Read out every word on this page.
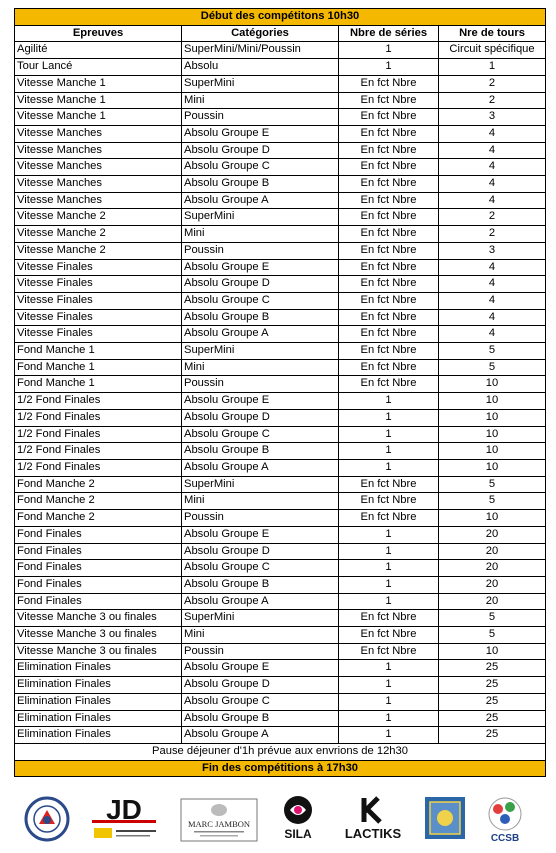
Début des compétitons 10h30			
Epreuves	Catégories	Nbre de séries	Nre de tours
Agilité	SuperMini/Mini/Poussin	1	Circuit spécifique
Tour Lancé	Absolu	1	1
Vitesse Manche 1	SuperMini	En fct Nbre	2
Vitesse Manche 1	Mini	En fct Nbre	2
Vitesse Manche 1	Poussin	En fct Nbre	3
Vitesse Manches	Absolu Groupe E	En fct Nbre	4
Vitesse Manches	Absolu Groupe D	En fct Nbre	4
Vitesse Manches	Absolu Groupe C	En fct Nbre	4
Vitesse Manches	Absolu Groupe B	En fct Nbre	4
Vitesse Manches	Absolu Groupe A	En fct Nbre	4
Vitesse Manche 2	SuperMini	En fct Nbre	2
Vitesse Manche 2	Mini	En fct Nbre	2
Vitesse Manche 2	Poussin	En fct Nbre	3
Vitesse Finales	Absolu Groupe E	En fct Nbre	4
Vitesse Finales	Absolu Groupe D	En fct Nbre	4
Vitesse Finales	Absolu Groupe C	En fct Nbre	4
Vitesse Finales	Absolu Groupe B	En fct Nbre	4
Vitesse Finales	Absolu Groupe A	En fct Nbre	4
Fond Manche 1	SuperMini	En fct Nbre	5
Fond Manche 1	Mini	En fct Nbre	5
Fond Manche 1	Poussin	En fct Nbre	10
1/2 Fond Finales	Absolu Groupe E	1	10
1/2 Fond Finales	Absolu Groupe D	1	10
1/2 Fond Finales	Absolu Groupe C	1	10
1/2 Fond Finales	Absolu Groupe B	1	10
1/2 Fond Finales	Absolu Groupe A	1	10
Fond Manche 2	SuperMini	En fct Nbre	5
Fond Manche 2	Mini	En fct Nbre	5
Fond Manche 2	Poussin	En fct Nbre	10
Fond Finales	Absolu Groupe E	1	20
Fond Finales	Absolu Groupe D	1	20
Fond Finales	Absolu Groupe C	1	20
Fond Finales	Absolu Groupe B	1	20
Fond Finales	Absolu Groupe A	1	20
Vitesse Manche 3 ou finales	SuperMini	En fct Nbre	5
Vitesse Manche 3 ou finales	Mini	En fct Nbre	5
Vitesse Manche 3 ou finales	Poussin	En fct Nbre	10
Elimination Finales	Absolu Groupe E	1	25
Elimination Finales	Absolu Groupe D	1	25
Elimination Finales	Absolu Groupe C	1	25
Elimination Finales	Absolu Groupe B	1	25
Elimination Finales	Absolu Groupe A	1	25
Pause déjeuner d'1h prévue aux envrions de 12h30			
Fin des compétitions à 17h30			
JD	MARC JAMBON
SILA	LACTIKS	CCSB
